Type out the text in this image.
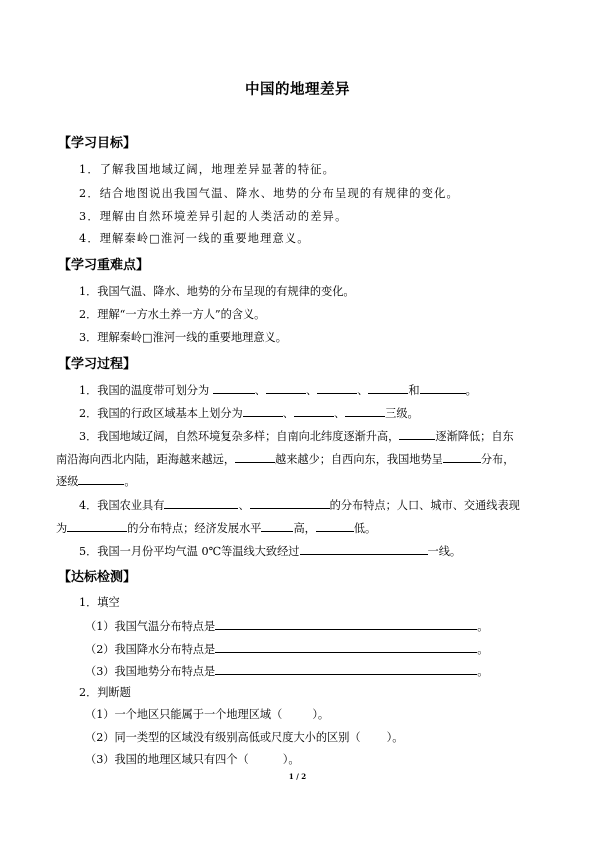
中国的地理差异
【学习目标】
1．了解我国地域辽阔，地理差异显著的特征。
2．结合地图说出我国气温、降水、地势的分布呈现的有规律的变化。
3．理解由自然环境差异引起的人类活动的差异。
4．理解秦岭□淮河一线的重要地理意义。
【学习重难点】
1．我国气温、降水、地势的分布呈现的有规律的变化。
2．理解“一方水土养一方人”的含义。
3．理解秦岭□淮河一线的重要地理意义。
【学习过程】
1．我国的温度带可划分为	、	、	、	和	。
2．我国的行政区域基本上划分为	、	、	三级。
3．我国地域辽阔，自然环境复杂多样；自南向北纬度逐渐升高，	逐渐降低；自东
南沿海向西北内陆，距海越来越远，	越来越少；自西向东，我国地势呈	分布，
逐级	。
4．我国农业具有	、	的分布特点；人口、城市、交通线表现
为	的分布特点；经济发展水平	高，	低。
5．我国一月份平均气温 0℃等温线大致经过	一线。
【达标检测】
1．填空
（1）我国气温分布特点是	。
（2）我国降水分布特点是	。
（3）我国地势分布特点是	。
2．判断题
（1）一个地区只能属于一个地理区域（	）。
（2）同一类型的区域没有级别高低或尺度大小的区别（ ）。
（3）我国的地理区域只有四个（	）。
1 / 2
